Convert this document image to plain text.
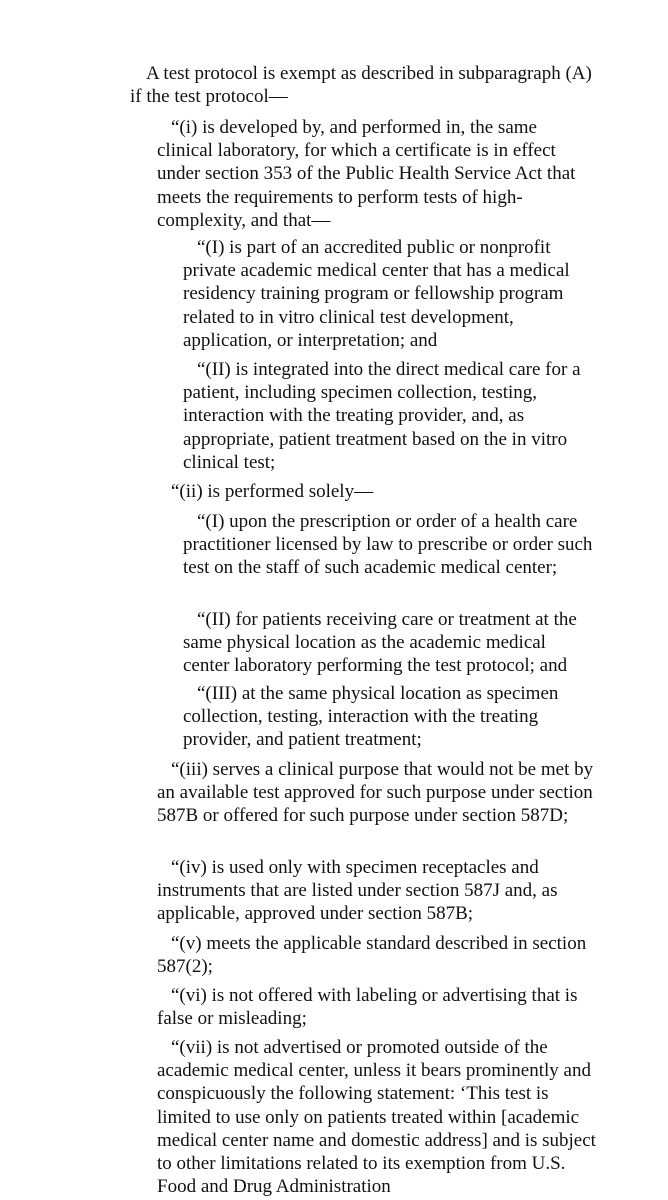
A test protocol is exempt as described in subparagraph (A) if the test protocol—

“(i) is developed by, and performed in, the same clinical laboratory, for which a certificate is in effect under section 353 of the Public Health Service Act that meets the requirements to perform tests of high-complexity, and that—

“(I) is part of an accredited public or nonprofit private academic medical center that has a medical residency training program or fellowship program related to in vitro clinical test development, application, or interpretation; and

“(II) is integrated into the direct medical care for a patient, including specimen collection, testing, interaction with the treating provider, and, as appropriate, patient treatment based on the in vitro clinical test;

“(ii) is performed solely—

“(I) upon the prescription or order of a health care practitioner licensed by law to prescribe or order such test on the staff of such academic medical center;

“(II) for patients receiving care or treatment at the same physical location as the academic medical center laboratory performing the test protocol; and

“(III) at the same physical location as specimen collection, testing, interaction with the treating provider, and patient treatment;

“(iii) serves a clinical purpose that would not be met by an available test approved for such purpose under section 587B or offered for such purpose under section 587D;

“(iv) is used only with specimen receptacles and instruments that are listed under section 587J and, as applicable, approved under section 587B;

“(v) meets the applicable standard described in section 587(2);

“(vi) is not offered with labeling or advertising that is false or misleading;

“(vii) is not advertised or promoted outside of the academic medical center, unless it bears prominently and conspicuously the following statement: ‘This test is limited to use only on patients treated within [academic medical center name and domestic address] and is subject to other limitations related to its exemption from U.S. Food and Drug Administration
